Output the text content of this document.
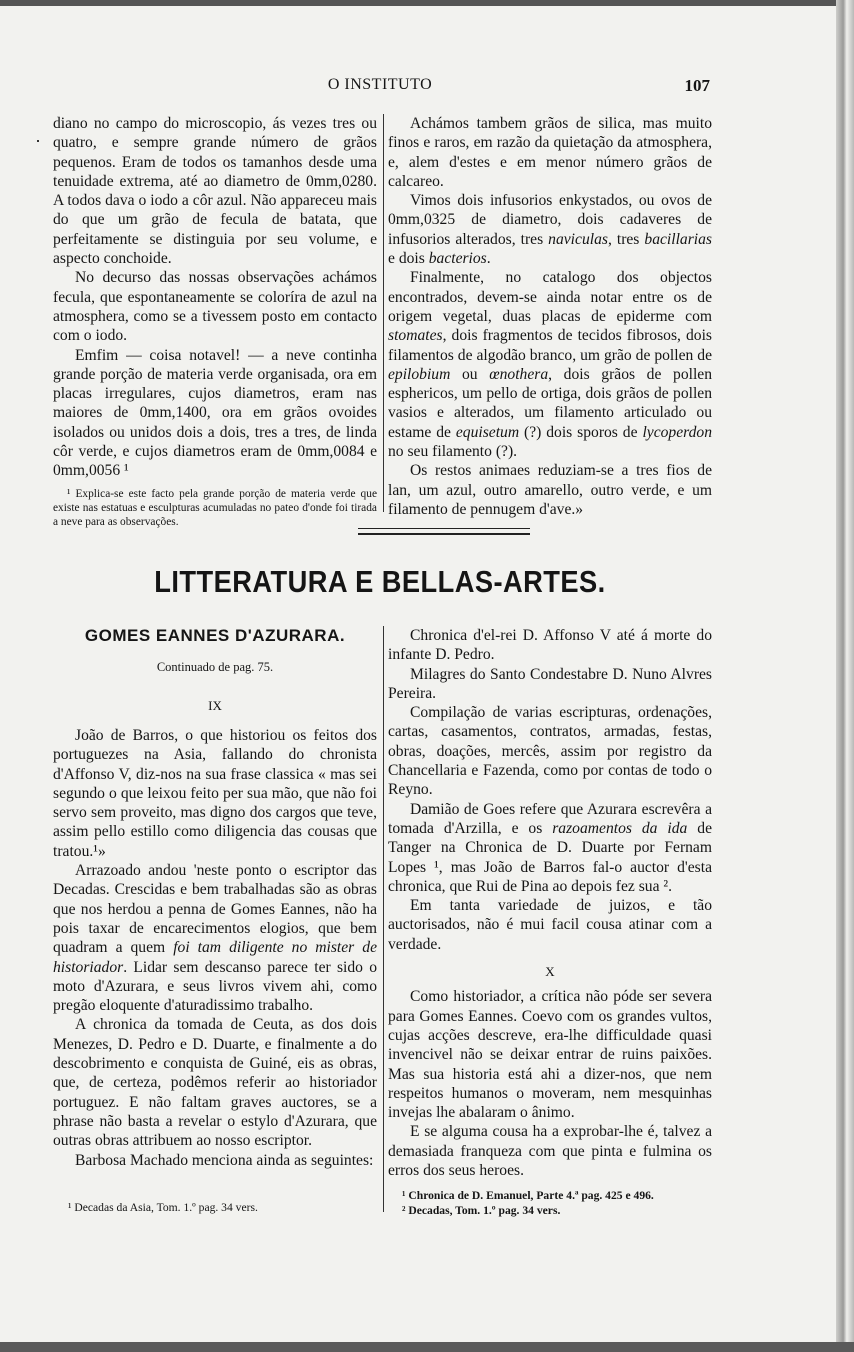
O INSTITUTO	107

diano no campo do microscopio, ás vezes tres ou quatro, e sempre grande número de grãos pequenos. Eram de todos os tamanhos desde uma tenuidade extrema, até ao diametro de 0mm,0280. A todos dava o iodo a côr azul. Não appareceu mais do que um grão de fecula de batata, que perfeitamente se distinguia por seu volume, e aspecto conchoide.

No decurso das nossas observações achámos fecula, que espontaneamente se coloríra de azul na atmosphera, como se a tivessem posto em contacto com o iodo.

Emfim — coisa notavel! — a neve continha grande porção de materia verde organisada, ora em placas irregulares, cujos diametros, eram nas maiores de 0mm,1400, ora em grãos ovoides isolados ou unidos dois a dois, tres a tres, de linda côr verde, e cujos diametros eram de 0mm,0084 e 0mm,0056 ¹

¹ Explica-se este facto pela grande porção de materia verde que existe nas estatuas e esculpturas acumuladas no pateo d'onde foi tirada a neve para as observações.

Achámos tambem grãos de silica, mas muito finos e raros, em razão da quietação da atmosphera, e, alem d'estes e em menor número grãos de calcareo.

Vimos dois infusorios enkystados, ou ovos de 0mm,0325 de diametro, dois cadaveres de infusorios alterados, tres naviculas, tres bacillarias e dois bacterios.

Finalmente, no catalogo dos objectos encontrados, devem-se ainda notar entre os de origem vegetal, duas placas de epiderme com stomates, dois fragmentos de tecidos fibrosos, dois filamentos de algodão branco, um grão de pollen de epilobium ou œnothera, dois grãos de pollen esphericos, um pello de ortiga, dois grãos de pollen vasios e alterados, um filamento articulado ou estame de equisetum (?) dois sporos de lycoperdon no seu filamento (?).

Os restos animaes reduziam-se a tres fios de lan, um azul, outro amarello, outro verde, e um filamento de pennugem d'ave.»

LITTERATURA E BELLAS-ARTES.
GOMES EANNES D'AZURARA.
Continuado de pag. 75.
IX

João de Barros, o que historiou os feitos dos portuguezes na Asia, fallando do chronista d'Affonso V, diz-nos na sua frase classica « mas sei segundo o que leixou feito per sua mão, que não foi servo sem proveito, mas digno dos cargos que teve, assim pello estillo como diligencia das cousas que tratou.¹»

Arrazoado andou 'neste ponto o escriptor das Decadas. Crescidas e bem trabalhadas são as obras que nos herdou a penna de Gomes Eannes, não ha pois taxar de encarecimentos elogios, que bem quadram a quem foi tam diligente no mister de historiador. Lidar sem descanso parece ter sido o moto d'Azurara, e seus livros vivem ahi, como pregão eloquente d'aturadissimo trabalho.

A chronica da tomada de Ceuta, as dos dois Menezes, D. Pedro e D. Duarte, e finalmente a do descobrimento e conquista de Guiné, eis as obras, que, de certeza, podêmos referir ao historiador portuguez. E não faltam graves auctores, se a phrase não basta a revelar o estylo d'Azurara, que outras obras attribuem ao nosso escriptor.

Barbosa Machado menciona ainda as seguintes:

¹ Decadas da Asia, Tom. 1.º pag. 34 vers.

Chronica d'el-rei D. Affonso V até á morte do infante D. Pedro.

Milagres do Santo Condestabre D. Nuno Alvres Pereira.

Compilação de varias escripturas, ordenações, cartas, casamentos, contratos, armadas, festas, obras, doações, mercês, assim por registro da Chancellaria e Fazenda, como por contas de todo o Reyno.

Damião de Goes refere que Azurara escrevêra a tomada d'Arzilla, e os razoamentos da ida de Tanger na Chronica de D. Duarte por Fernam Lopes ¹, mas João de Barros fal-o auctor d'esta chronica, que Rui de Pina ao depois fez sua ².

Em tanta variedade de juizos, e tão auctorisados, não é mui facil cousa atinar com a verdade.

X

Como historiador, a crítica não póde ser severa para Gomes Eannes. Coevo com os grandes vultos, cujas acções descreve, era-lhe difficuldade quasi invencivel não se deixar entrar de ruins paixões. Mas sua historia está ahi a dizer-nos, que nem respeitos humanos o moveram, nem mesquinhas invejas lhe abalaram o ânimo.

E se alguma cousa ha a exprobar-lhe é, talvez a demasiada franqueza com que pinta e fulmina os erros dos seus heroes.

¹ Chronica de D. Emanuel, Parte 4.ª pag. 425 e 496.

² Decadas, Tom. 1.º pag. 34 vers.
